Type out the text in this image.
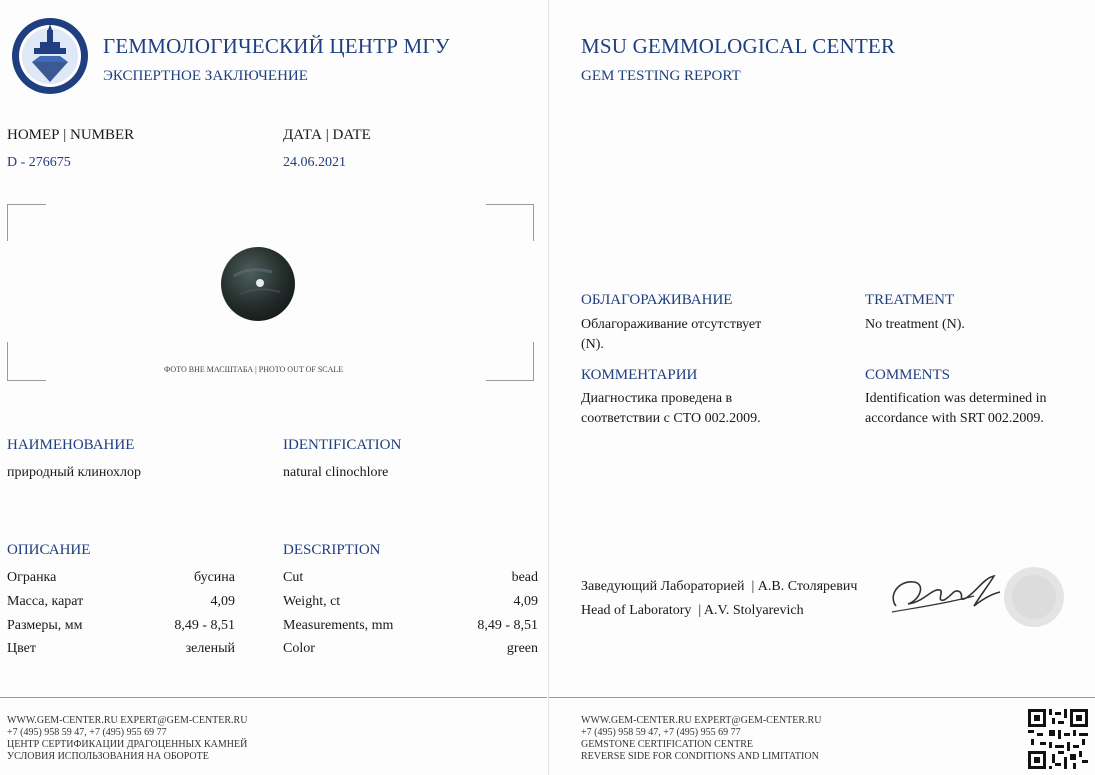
ГЕММОЛОГИЧЕСКИЙ ЦЕНТР МГУ
ЭКСПЕРТНОЕ ЗАКЛЮЧЕНИЕ
НОМЕР | NUMBER
D - 276675
ДАТА | DATE
24.06.2021
ФОТО ВНЕ МАСШТАБА | PHOTO OUT OF SCALE
НАИМЕНОВАНИЕ
природный клинохлор
IDENTIFICATION
natural clinochlore
ОПИСАНИЕ	DESCRIPTION
Огранка	бусина
Масса, карат	4,09
Размеры, мм	8,49 - 8,51
Цвет	зеленый
Cut	bead
Weight, ct	4,09
Measurements, mm	8,49 - 8,51
Color	green
WWW.GEM-CENTER.RU EXPERT@GEM-CENTER.RU
+7 (495) 958 59 47, +7 (495) 955 69 77
ЦЕНТР СЕРТИФИКАЦИИ ДРАГОЦЕННЫХ КАМНЕЙ
УСЛОВИЯ ИСПОЛЬЗОВАНИЯ НА ОБОРОТЕ
MSU GEMMOLOGICAL CENTER
GEM TESTING REPORT
ОБЛАГОРАЖИВАНИЕ
Облагораживание отсутствует
(N).
TREATMENT
No treatment (N).
КОММЕНТАРИИ
Диагностика проведена в
соответствии с СТО 002.2009.
COMMENTS
Identification was determined in
accordance with SRT 002.2009.
Заведующий Лабораторией  | А.В. Столяревич
Head of Laboratory  | A.V. Stolyarevich
WWW.GEM-CENTER.RU EXPERT@GEM-CENTER.RU
+7 (495) 958 59 47, +7 (495) 955 69 77
GEMSTONE CERTIFICATION CENTRE
REVERSE SIDE FOR CONDITIONS AND LIMITATION
